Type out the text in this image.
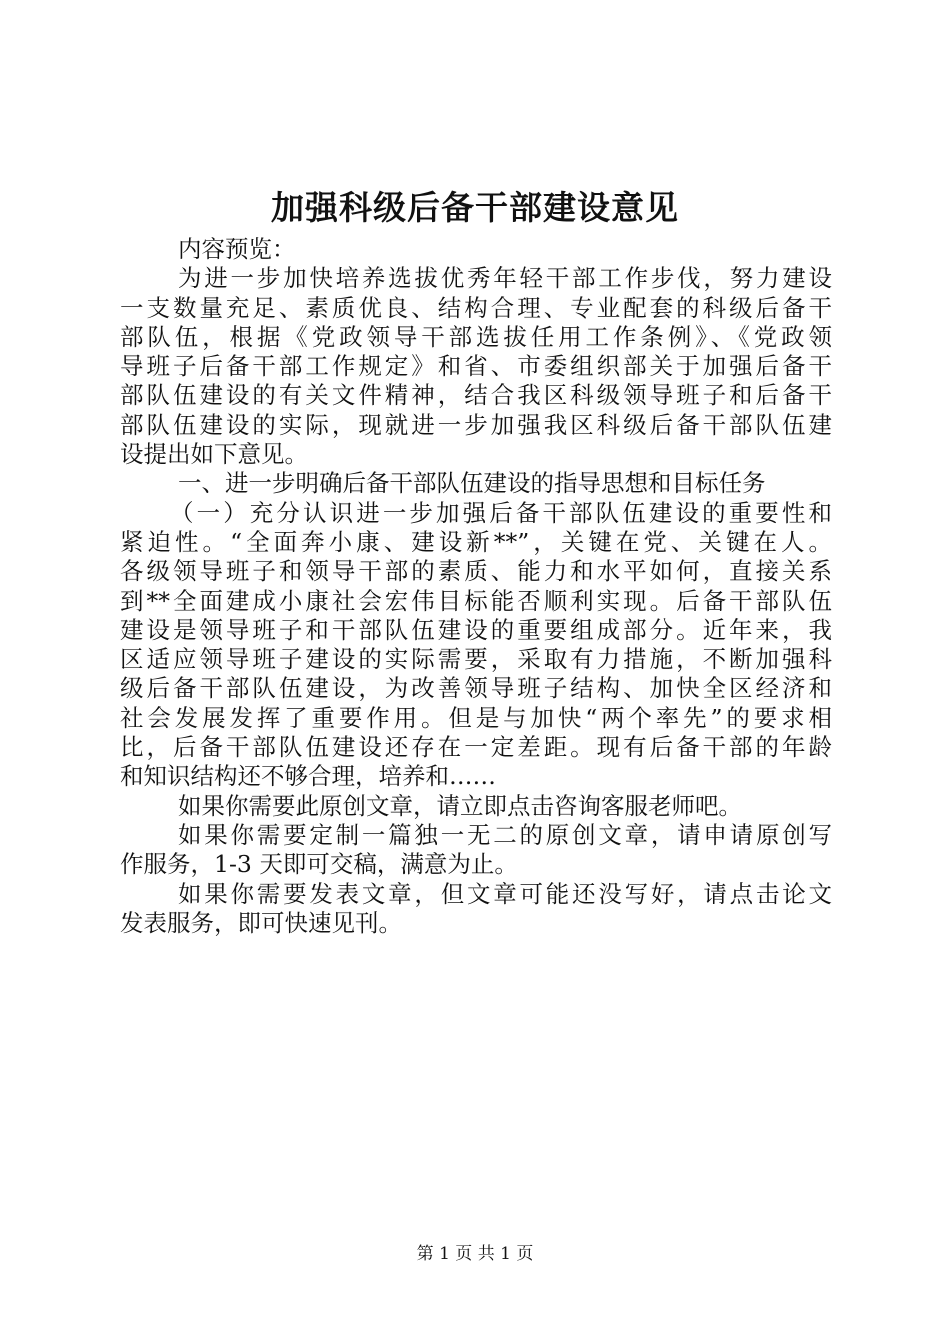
加强科级后备干部建设意见
内容预览：
为进一步加快培养选拔优秀年轻干部工作步伐，努力建设
一支数量充足、素质优良、结构合理、专业配套的科级后备干
部队伍，根据《党政领导干部选拔任用工作条例》、《党政领
导班子后备干部工作规定》和省、市委组织部关于加强后备干
部队伍建设的有关文件精神，结合我区科级领导班子和后备干
部队伍建设的实际，现就进一步加强我区科级后备干部队伍建
设提出如下意见。
一、进一步明确后备干部队伍建设的指导思想和目标任务
（一）充分认识进一步加强后备干部队伍建设的重要性和
紧迫性。“全面奔小康、建设新**”，关键在党、关键在人。
各级领导班子和领导干部的素质、能力和水平如何，直接关系
到**全面建成小康社会宏伟目标能否顺利实现。后备干部队伍
建设是领导班子和干部队伍建设的重要组成部分。近年来，我
区适应领导班子建设的实际需要，采取有力措施，不断加强科
级后备干部队伍建设，为改善领导班子结构、加快全区经济和
社会发展发挥了重要作用。但是与加快“两个率先”的要求相
比，后备干部队伍建设还存在一定差距。现有后备干部的年龄
和知识结构还不够合理，培养和……
如果你需要此原创文章，请立即点击咨询客服老师吧。
如果你需要定制一篇独一无二的原创文章，请申请原创写
作服务，1-3 天即可交稿，满意为止。
如果你需要发表文章，但文章可能还没写好，请点击论文
发表服务，即可快速见刊。
第 1 页 共 1 页
